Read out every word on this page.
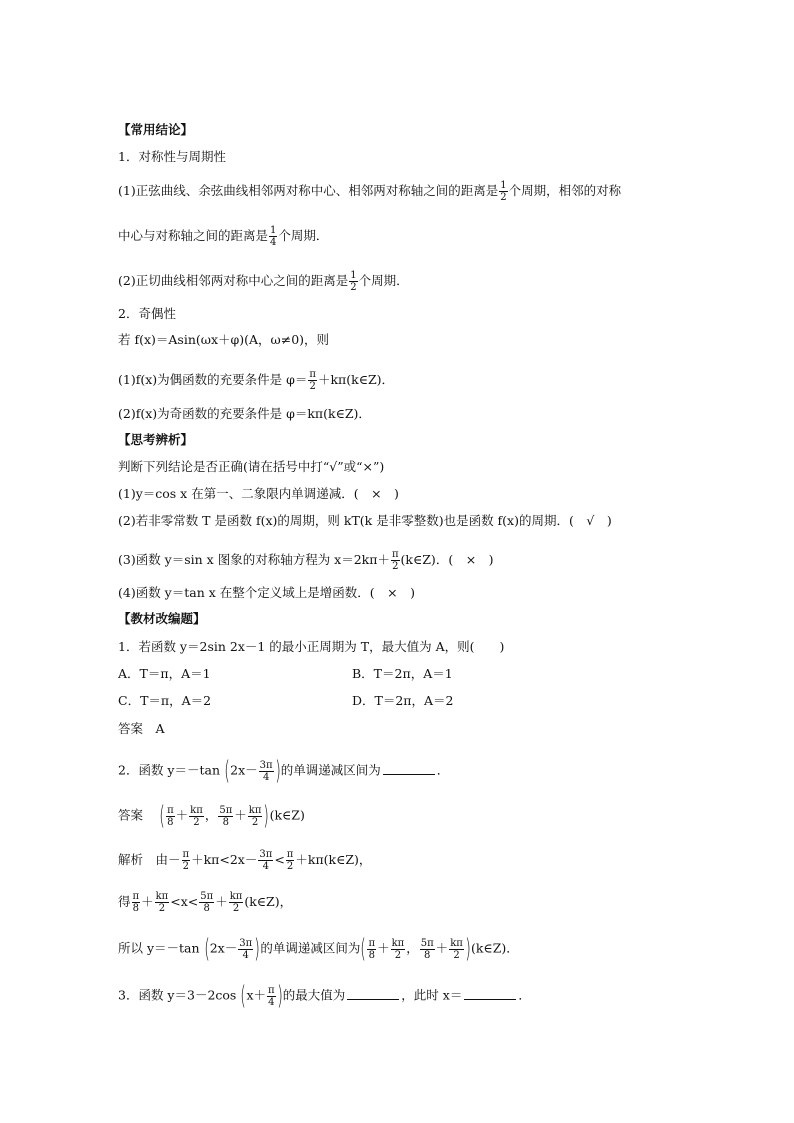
【常用结论】
1．对称性与周期性
(1)正弦曲线、余弦曲线相邻两对称中心、相邻两对称轴之间的距离是 $\frac{1}{2}$ 个周期，相邻的对称
中心与对称轴之间的距离是 $\frac{1}{4}$ 个周期．
(2)正切曲线相邻两对称中心之间的距离是 $\frac{1}{2}$ 个周期．
2．奇偶性
若 f(x)＝Asin(ωx＋φ)(A，ω≠0)，则
(1)f(x)为偶函数的充要条件是 $\varphi= \frac{\pi}{2}$ ＋kπ(k∈Z)．
(2)f(x)为奇函数的充要条件是 φ＝kπ(k∈Z)．
【思考辨析】
判断下列结论是否正确(请在括号中打“√”或“×”)
(1)y＝cos x 在第一、二象限内单调递减．(　×　)
(2)若非零常数 T 是函数 f(x)的周期，则 kT(k 是非零整数)也是函数 f(x)的周期．(　√　)
(3)函数 y＝sin x 图象的对称轴方程为 $x=2k\pi+ \frac{\pi}{2}$ (k∈Z)．(　×　)
(4)函数 y＝tan x 在整个定义域上是增函数．(　×　)
【教材改编题】
1．若函数 y＝2sin 2x－1 的最小正周期为 T，最大值为 A，则(　　)
A．T＝π，A＝1	B．T＝2π，A＝1
C．T＝π，A＝2	D．T＝2π，A＝2
答案　A
2．函数 y＝－tan ($2x- \frac{3\pi}{4}$ )的单调递减区间为	．
答案 ( $\frac{\pi}{8} + \frac{k\pi}{2}$ ， $\frac{5\pi}{8} + \frac{k\pi}{2}$ )(k∈Z)
解析　由－ $\frac{\pi}{2} +k\pi<2x- \frac{3\pi}{4} < \frac{\pi}{2}$ ＋kπ(k∈Z)，
得 $\frac{\pi}{8} + \frac{k\pi}{2} <x< \frac{5\pi}{8} + \frac{k\pi}{2}$ (k∈Z)，
所以 y＝－tan ($2x- \frac{3\pi}{4}$ )的单调递减区间为( $\frac{\pi}{8} + \frac{k\pi}{2}$ ， $\frac{5\pi}{8} + \frac{k\pi}{2}$ )(k∈Z)．
3．函数 y＝3－2cos ($x+ \frac{\pi}{4}$ )的最大值为	，此时 x＝	．
